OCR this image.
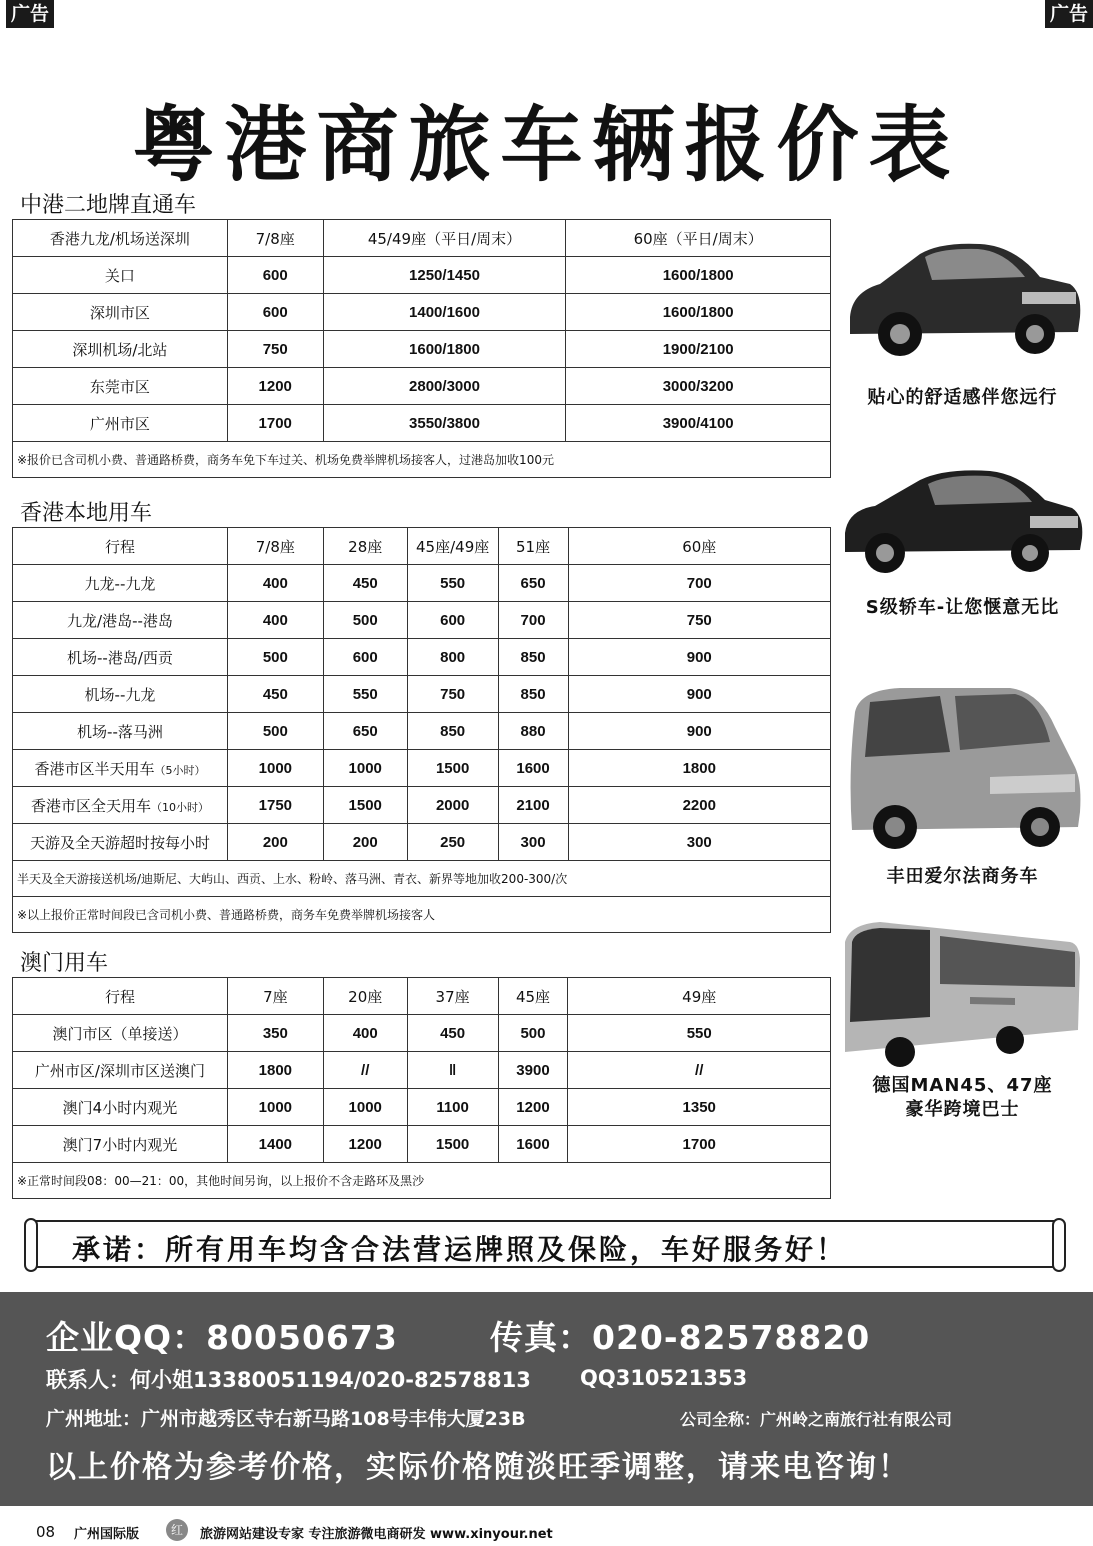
广告	广告
粤港商旅车辆报价表
中港二地牌直通车
香港九龙/机场送深圳	7/8座	45/49座（平日/周末）	60座（平日/周末）
关口	600	1250/1450	1600/1800
深圳市区	600	1400/1600	1600/1800
深圳机场/北站	750	1600/1800	1900/2100
东莞市区	1200	2800/3000	3000/3200
广州市区	1700	3550/3800	3900/4100
※报价已含司机小费、普通路桥费，商务车免下车过关、机场免费举牌机场接客人，过港岛加收100元			
香港本地用车
行程	7/8座	28座	45座/49座	51座	60座
九龙--九龙	400	450	550	650	700
九龙/港岛--港岛	400	500	600	700	750
机场--港岛/西贡	500	600	800	850	900
机场--九龙	450	550	750	850	900
机场--落马洲	500	650	850	880	900
香港市区半天用车（5小时）	1000	1000	1500	1600	1800
香港市区全天用车（10小时）	1750	1500	2000	2100	2200
天游及全天游超时按每小时	200	200	250	300	300
半天及全天游接送机场/迪斯尼、大屿山、西贡、上水、粉岭、落马洲、青衣、新界等地加收200-300/次					
※以上报价正常时间段已含司机小费、普通路桥费，商务车免费举牌机场接客人					
澳门用车
行程	7座	20座	37座	45座	49座
澳门市区（单接送）	350	400	450	500	550
广州市区/深圳市区送澳门	1800	//	‖	3900	//
澳门4小时内观光	1000	1000	1100	1200	1350
澳门7小时内观光	1400	1200	1500	1600	1700
※正常时间段08：00—21：00，其他时间另询，以上报价不含走路环及黑沙					
贴心的舒适感伴您远行
S级轿车-让您惬意无比
丰田爱尔法商务车
德国MAN45、47座
豪华跨境巴士
承诺：所有用车均含合法营运牌照及保险，车好服务好！
企业QQ：80050673	传真：020-82578820
联系人：何小姐13380051194/020-82578813 QQ310521353
广州地址：广州市越秀区寺右新马路108号丰伟大厦23B	公司全称：广州岭之南旅行社有限公司
以上价格为参考价格，实际价格随淡旺季调整，请来电咨询！
08 广州国际版	红	旅游网站建设专家 专注旅游微电商研发 www.xinyour.net
